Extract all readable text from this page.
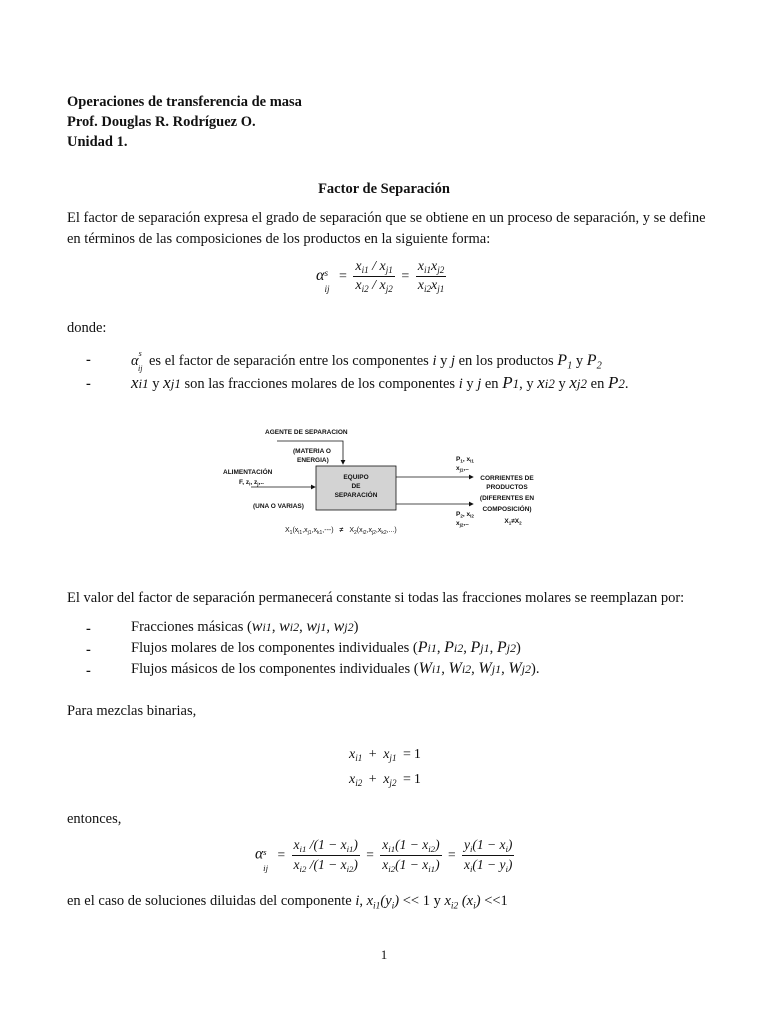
Operaciones de transferencia de masa
Prof. Douglas R. Rodríguez O.
Unidad 1.
Factor de Separación
El factor de separación expresa el grado de separación que se obtiene en un proceso de separación, y se define en términos de las composiciones de los productos en la siguiente forma:
α s
ij
= $\frac{x_{i1} / x_{j1}}{x_{i2} / x_{j2}} = \frac{x_{i1}x_{j2}}{x_{i2}x_{j1}}$
donde:
-	$\alpha^s$
ij es el factor de separación entre los componentes i y j en los productos $P_1$ y $P_2$
- xi1 y xj1 son las fracciones molares de los componentes i y j en P1, y xi2 y xj2 en P2.
AGENTE DE SEPARACION
(MATERIA O
ENERGIA)
ALIMENTACIÓN
F, $z_i$, $z_j$,..
(UNA O VARIAS)
EQUIPO
DE
SEPARACIÓN
$P_1$, $x_{i1}$
$x_{j1}$,..
$P_2$, $x_{i2}$
$x_{j2}$,..
CORRIENTES DE
PRODUCTOS
(DIFERENTES EN
COMPOSICIÓN)
$X_1\ne X_2$
$X_1(x_{i1},x_{j1},x_{k1},---) \ne X_2(x_{i2},x_{j2},x_{k2},...)$
El valor del factor de separación permanecerá constante si todas las fracciones molares se reemplazan por:
-	Fracciones másicas (wi1, wi2, wj1, wj2)
-	Flujos molares de los componentes individuales (Pi1, Pi2, Pj1, Pj2)
-	Flujos másicos de los componentes individuales (Wi1, Wi2, Wj1, Wj2).
Para mezclas binarias,
$x_{i1} + x_{j1} = 1$
$x_{i2} + x_{j2} = 1$
entonces,
α s
ij
= $\frac{x_{i1} /(1 - x_{i1})}{x_{i2} /(1 - x_{i2})} = \frac{x_{i1}(1 - x_{i2})}{x_{i2}(1 - x_{i1})} = \frac{y_i(1 - x_i)}{x_i(1 - y_i)}$
en el caso de soluciones diluidas del componente i, $x_{i1}(y_i) << 1$ y $x_{i2}$ $(x_i) <<1$
1
